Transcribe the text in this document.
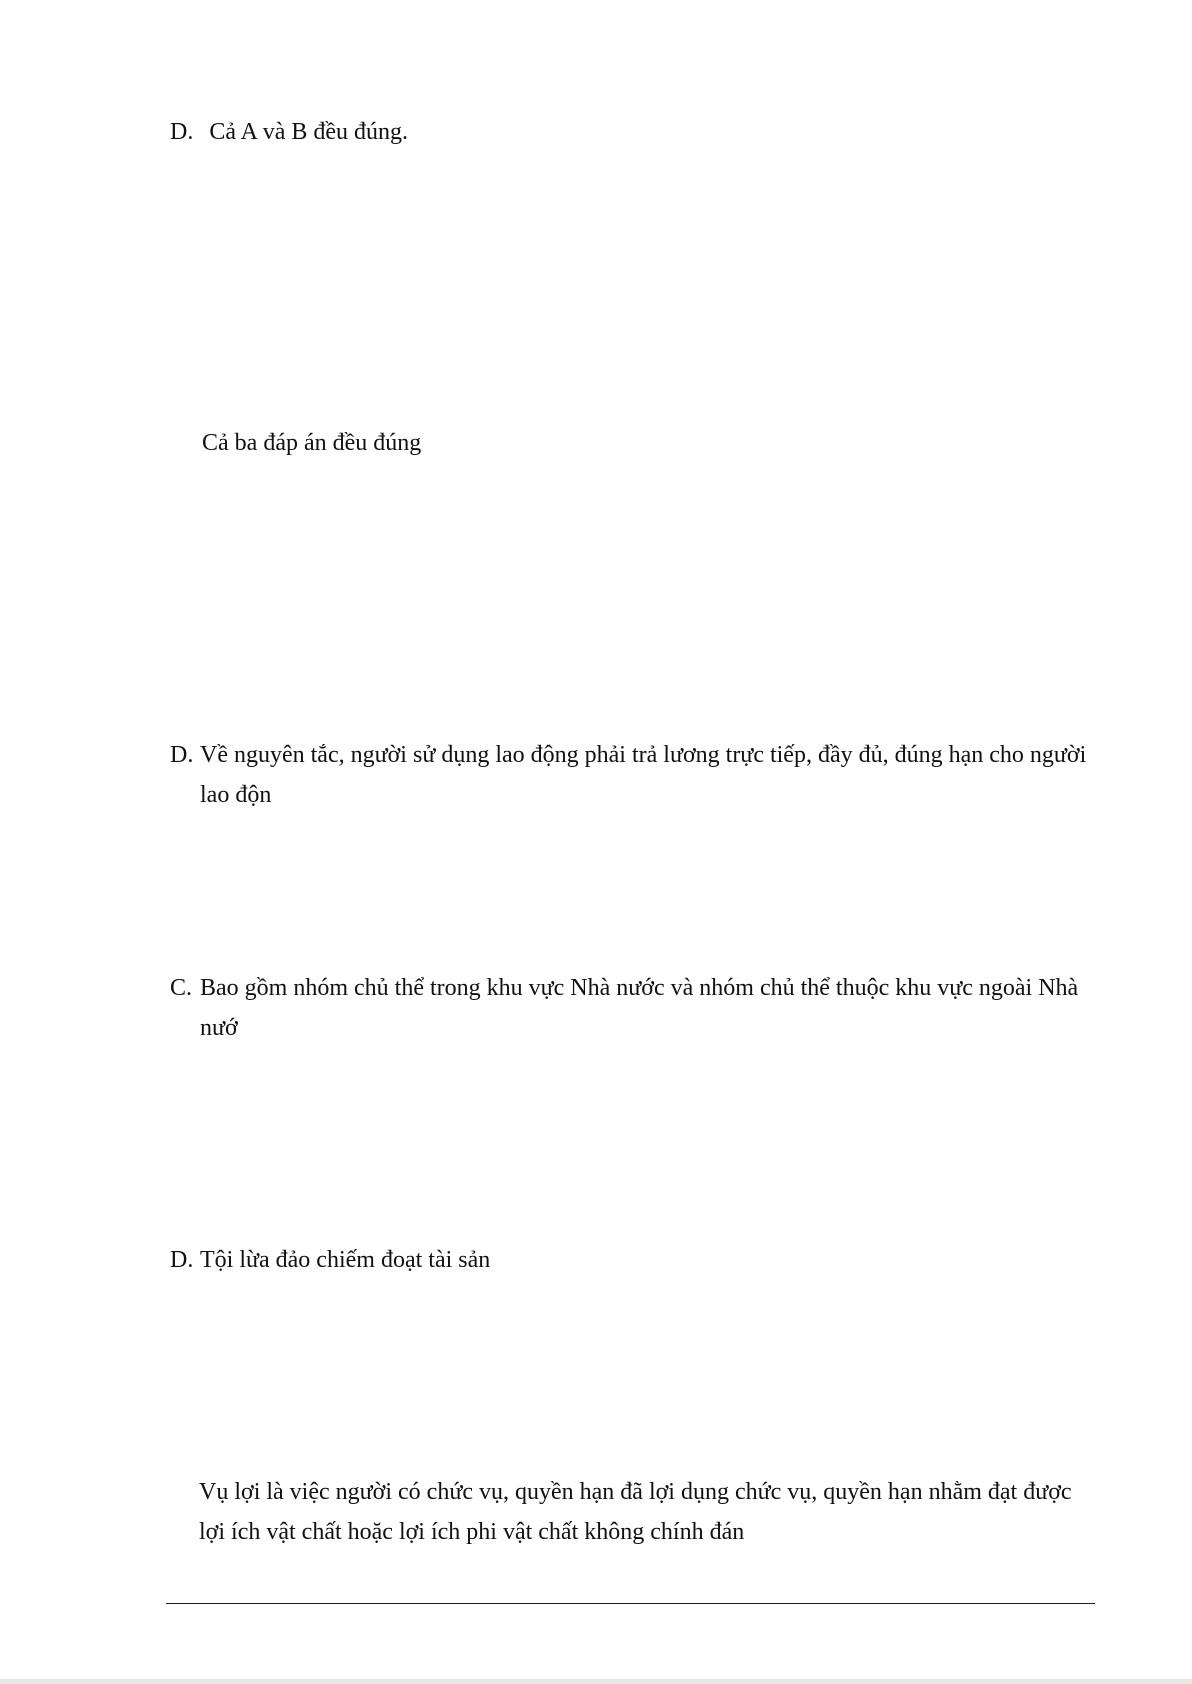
D. Cả A và B đều đúng.
Cả ba đáp án đều đúng
D. Về nguyên tắc, người sử dụng lao động phải trả lương trực tiếp, đầy đủ, đúng hạn cho người lao độn
C. Bao gồm nhóm chủ thể trong khu vực Nhà nước và nhóm chủ thể thuộc khu vực ngoài Nhà nướ
D. Tội lừa đảo chiếm đoạt tài sản
Vụ lợi là việc người có chức vụ, quyền hạn đã lợi dụng chức vụ, quyền hạn nhằm đạt được lợi ích vật chất hoặc lợi ích phi vật chất không chính đán
